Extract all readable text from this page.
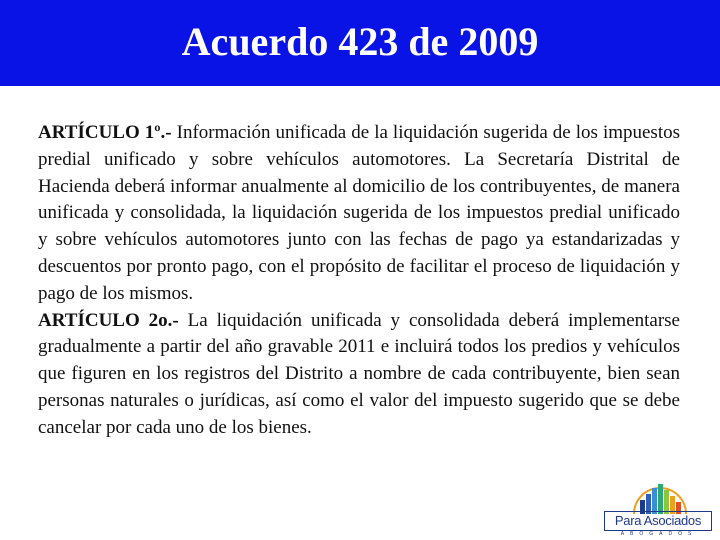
Acuerdo 423 de 2009

ARTÍCULO 1º.- Información unificada de la liquidación sugerida de los impuestos predial unificado y sobre vehículos automotores. La Secretaría Distrital de Hacienda deberá informar anualmente al domicilio de los contribuyentes, de manera unificada y consolidada, la liquidación sugerida de los impuestos predial unificado y sobre vehículos automotores junto con las fechas de pago ya estandarizadas y descuentos por pronto pago, con el propósito de facilitar el proceso de liquidación y pago de los mismos.

ARTÍCULO 2o.- La liquidación unificada y consolidada deberá implementarse gradualmente a partir del año gravable 2011 e incluirá todos los predios y vehículos que figuren en los registros del Distrito a nombre de cada contribuyente, bien sean personas naturales o jurídicas, así como el valor del impuesto sugerido que se debe cancelar por cada uno de los bienes.

Para Asociados
ABOGADOS
